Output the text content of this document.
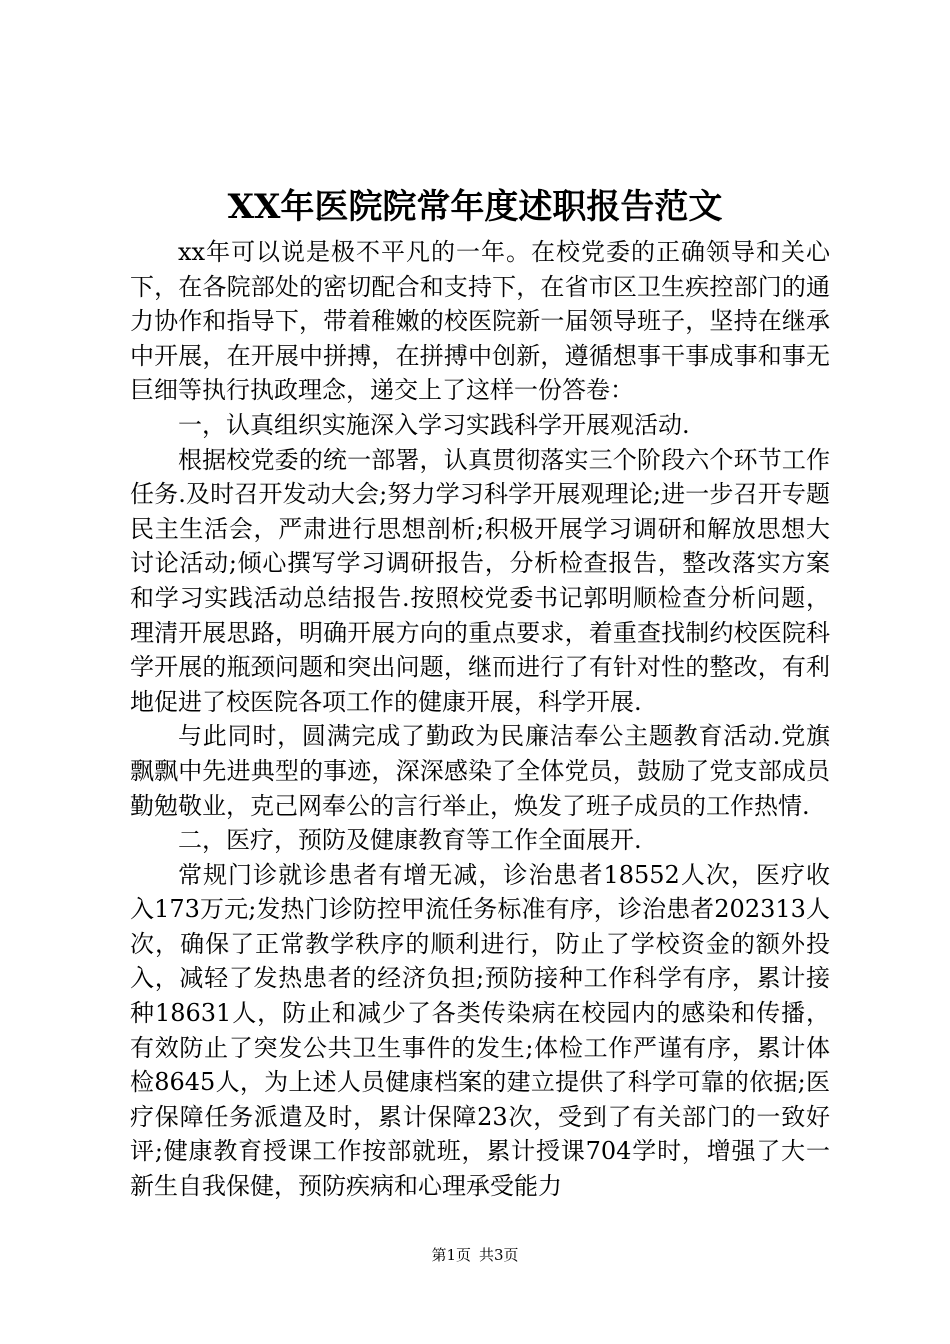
XX年医院院常年度述职报告范文

xx年可以说是极不平凡的一年。在校党委的正确领导和关心下，在各院部处的密切配合和支持下，在省市区卫生疾控部门的通力协作和指导下，带着稚嫩的校医院新一届领导班子，坚持在继承中开展，在开展中拼搏，在拼搏中创新，遵循想事干事成事和事无巨细等执行执政理念，递交上了这样一份答卷：

一，认真组织实施深入学习实践科学开展观活动.

根据校党委的统一部署，认真贯彻落实三个阶段六个环节工作任务.及时召开发动大会;努力学习科学开展观理论;进一步召开专题民主生活会，严肃进行思想剖析;积极开展学习调研和解放思想大讨论活动;倾心撰写学习调研报告，分析检查报告，整改落实方案和学习实践活动总结报告.按照校党委书记郭明顺检查分析问题，理清开展思路，明确开展方向的重点要求，着重查找制约校医院科学开展的瓶颈问题和突出问题，继而进行了有针对性的整改，有利地促进了校医院各项工作的健康开展，科学开展.

与此同时，圆满完成了勤政为民廉洁奉公主题教育活动.党旗飘飘中先进典型的事迹，深深感染了全体党员，鼓励了党支部成员勤勉敬业，克己网奉公的言行举止，焕发了班子成员的工作热情.

二，医疗，预防及健康教育等工作全面展开.

常规门诊就诊患者有增无减，诊治患者18552人次，医疗收入173万元;发热门诊防控甲流任务标准有序，诊治患者202313人次，确保了正常教学秩序的顺利进行，防止了学校资金的额外投入，减轻了发热患者的经济负担;预防接种工作科学有序，累计接种18631人，防止和减少了各类传染病在校园内的感染和传播，有效防止了突发公共卫生事件的发生;体检工作严谨有序，累计体检8645人，为上述人员健康档案的建立提供了科学可靠的依据;医疗保障任务派遣及时，累计保障23次，受到了有关部门的一致好评;健康教育授课工作按部就班，累计授课704学时，增强了大一新生自我保健，预防疾病和心理承受能力

第1页 共3页
